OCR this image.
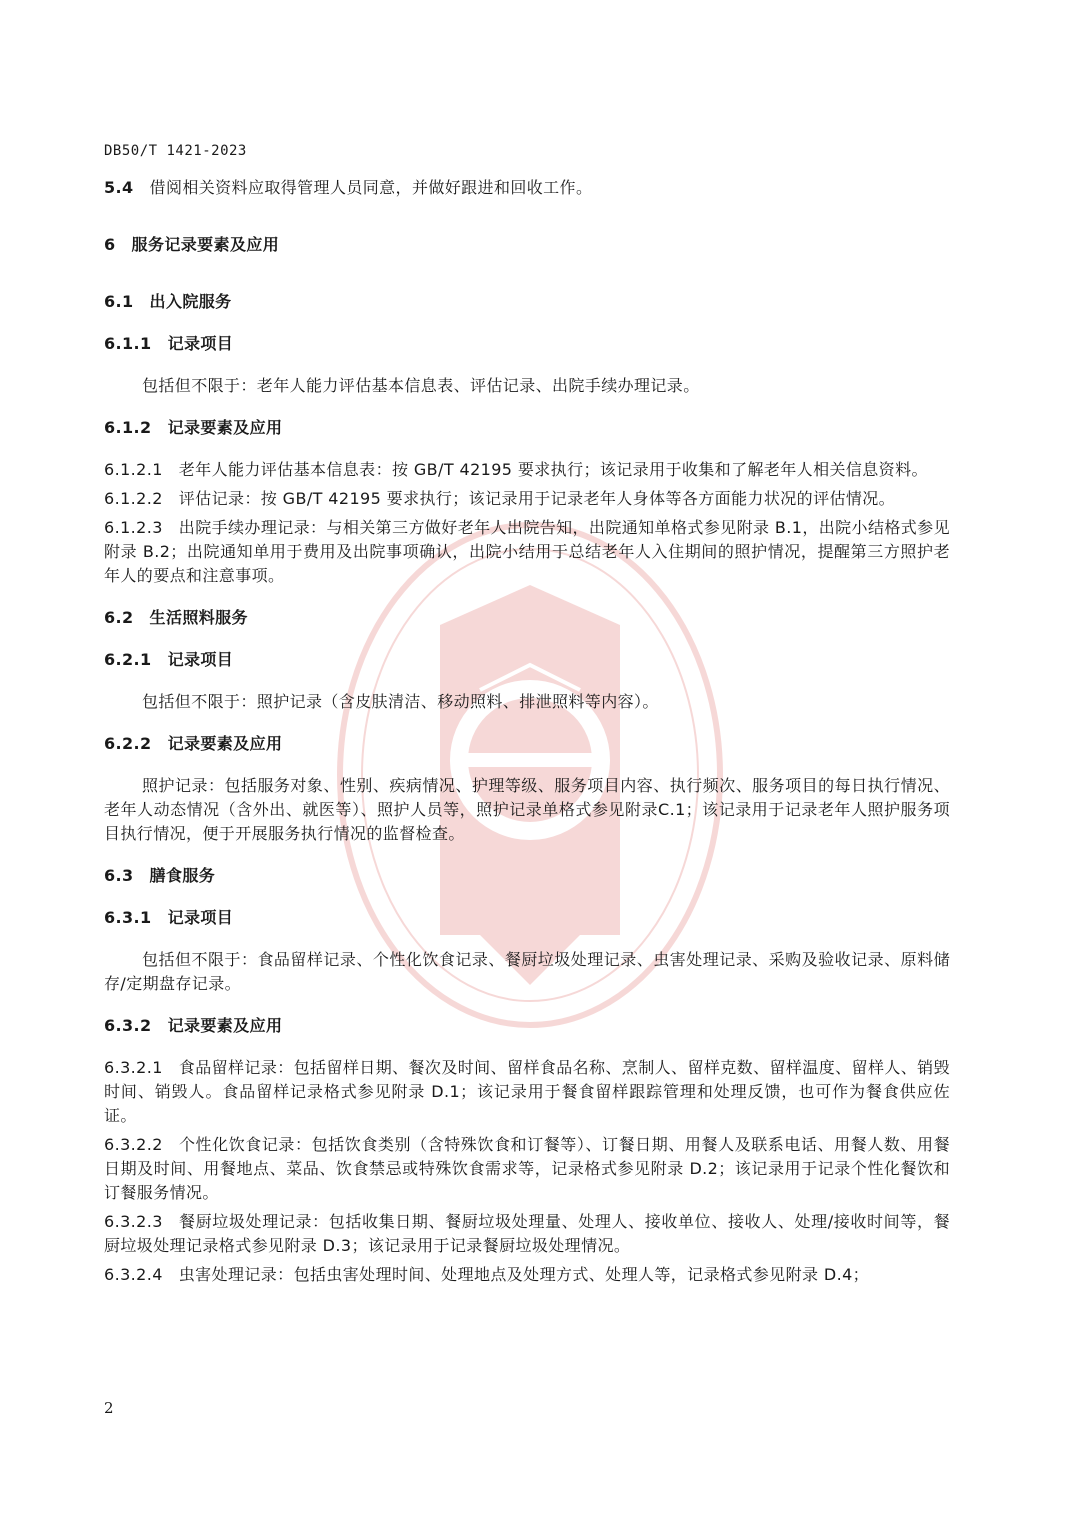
DB50/T 1421-2023

5.4 借阅相关资料应取得管理人员同意，并做好跟进和回收工作。

6 服务记录要素及应用

6.1 出入院服务

6.1.1 记录项目

包括但不限于：老年人能力评估基本信息表、评估记录、出院手续办理记录。

6.1.2 记录要素及应用

6.1.2.1 老年人能力评估基本信息表：按 GB/T 42195 要求执行；该记录用于收集和了解老年人相关信息资料。

6.1.2.2 评估记录：按 GB/T 42195 要求执行；该记录用于记录老年人身体等各方面能力状况的评估情况。

6.1.2.3 出院手续办理记录：与相关第三方做好老年人出院告知，出院通知单格式参见附录 B.1，出院小结格式参见附录 B.2；出院通知单用于费用及出院事项确认，出院小结用于总结老年人入住期间的照护情况，提醒第三方照护老年人的要点和注意事项。

6.2 生活照料服务

6.2.1 记录项目

包括但不限于：照护记录（含皮肤清洁、移动照料、排泄照料等内容）。

6.2.2 记录要素及应用

照护记录：包括服务对象、性别、疾病情况、护理等级、服务项目内容、执行频次、服务项目的每日执行情况、老年人动态情况（含外出、就医等）、照护人员等，照护记录单格式参见附录C.1；该记录用于记录老年人照护服务项目执行情况，便于开展服务执行情况的监督检查。

6.3 膳食服务

6.3.1 记录项目

包括但不限于：食品留样记录、个性化饮食记录、餐厨垃圾处理记录、虫害处理记录、采购及验收记录、原料储存/定期盘存记录。

6.3.2 记录要素及应用

6.3.2.1 食品留样记录：包括留样日期、餐次及时间、留样食品名称、烹制人、留样克数、留样温度、留样人、销毁时间、销毁人。食品留样记录格式参见附录 D.1；该记录用于餐食留样跟踪管理和处理反馈，也可作为餐食供应佐证。

6.3.2.2 个性化饮食记录：包括饮食类别（含特殊饮食和订餐等）、订餐日期、用餐人及联系电话、用餐人数、用餐日期及时间、用餐地点、菜品、饮食禁忌或特殊饮食需求等，记录格式参见附录 D.2；该记录用于记录个性化餐饮和订餐服务情况。

6.3.2.3 餐厨垃圾处理记录：包括收集日期、餐厨垃圾处理量、处理人、接收单位、接收人、处理/接收时间等，餐厨垃圾处理记录格式参见附录 D.3；该记录用于记录餐厨垃圾处理情况。

6.3.2.4 虫害处理记录：包括虫害处理时间、处理地点及处理方式、处理人等，记录格式参见附录 D.4；

2
